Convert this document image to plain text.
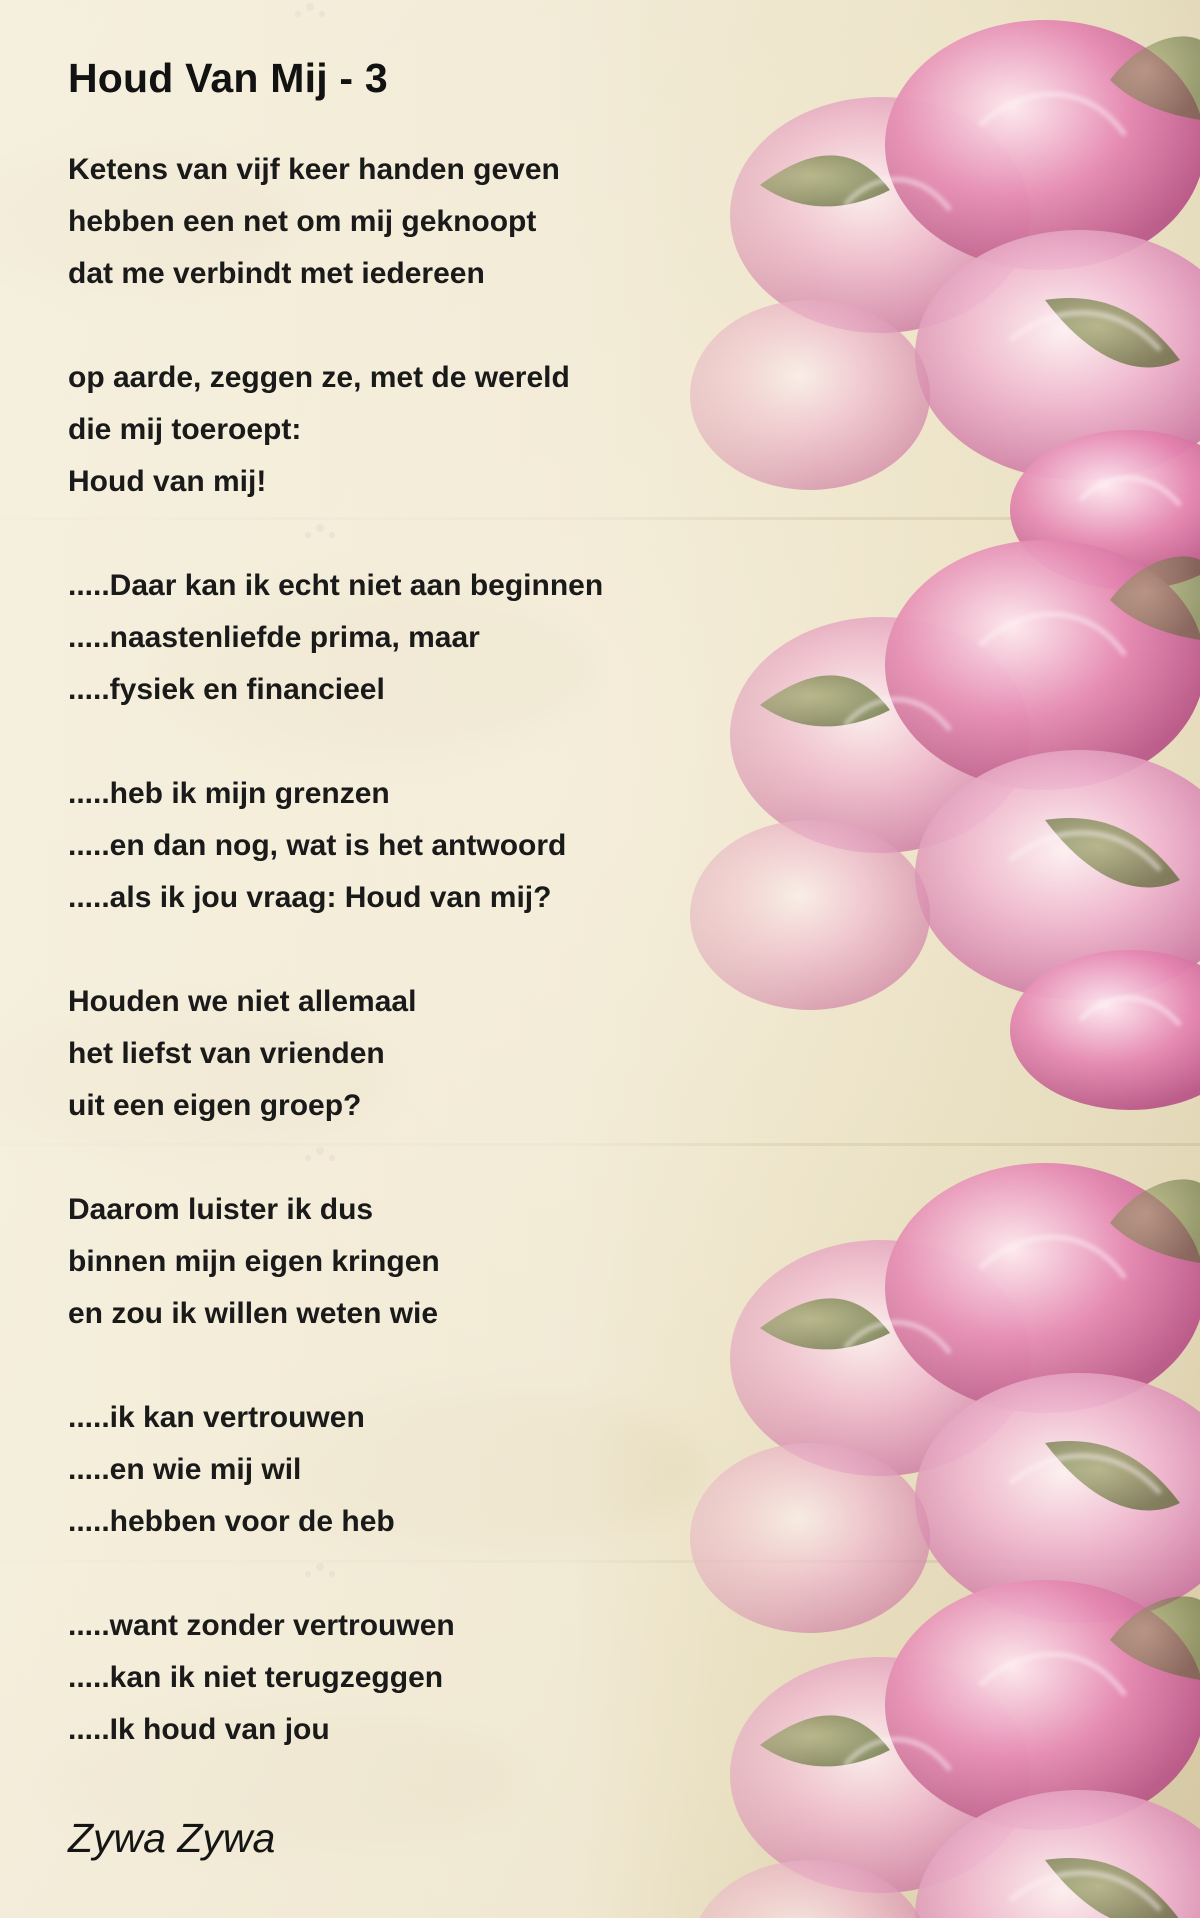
Houd Van Mij - 3
Ketens van vijf keer handen geven
hebben een net om mij geknoopt
dat me verbindt met iedereen
op aarde, zeggen ze, met de wereld
die mij toeroept:
Houd van mij!
.....Daar kan ik echt niet aan beginnen
.....naastenliefde prima, maar
.....fysiek en financieel
.....heb ik mijn grenzen
.....en dan nog, wat is het antwoord
.....als ik jou vraag: Houd van mij?
Houden we niet allemaal
het liefst van vrienden
uit een eigen groep?
Daarom luister ik dus
binnen mijn eigen kringen
en zou ik willen weten wie
.....ik kan vertrouwen
.....en wie mij wil
.....hebben voor de heb
.....want zonder vertrouwen
.....kan ik niet terugzeggen
.....Ik houd van jou

Zywa Zywa
